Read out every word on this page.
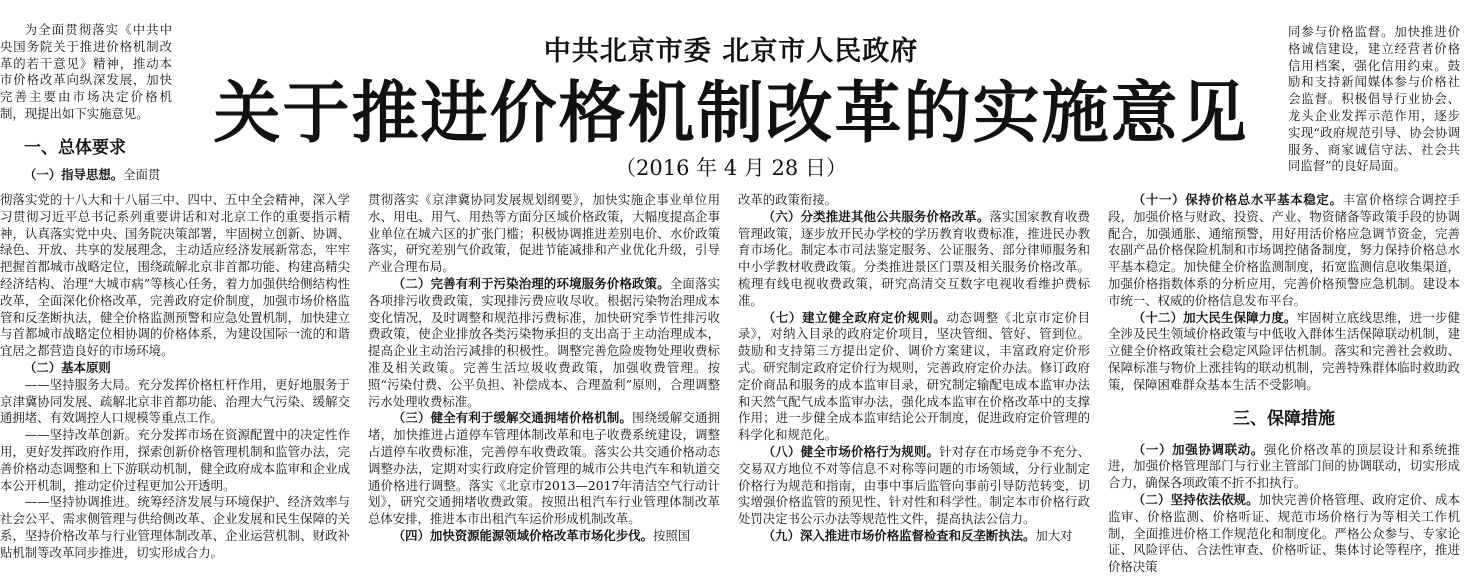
中共北京市委 北京市人民政府
关于推进价格机制改革的实施意见
（2016 年 4 月 28 日）

为全面贯彻落实《中共中央国务院关于推进价格机制改革的若干意见》精神，推动本市价格改革向纵深发展，加快完善主要由市场决定价格机制，现提出如下实施意见。

一、总体要求

（一）指导思想。全面贯

彻落实党的十八大和十八届三中、四中、五中全会精神，深入学习贯彻习近平总书记系列重要讲话和对北京工作的重要指示精神，认真落实党中央、国务院决策部署，牢固树立创新、协调、绿色、开放、共享的发展理念，主动适应经济发展新常态，牢牢把握首都城市战略定位，围绕疏解北京非首都功能、构建高精尖经济结构、治理“大城市病”等核心任务，着力加强供给侧结构性改革，全面深化价格改革，完善政府定价制度，加强市场价格监管和反垄断执法，健全价格监测预警和应急处置机制，加快建立与首都城市战略定位相协调的价格体系，为建设国际一流的和谐宜居之都营造良好的市场环境。

（二）基本原则

——坚持服务大局。充分发挥价格杠杆作用，更好地服务于京津冀协同发展、疏解北京非首都功能、治理大气污染、缓解交通拥堵、有效调控人口规模等重点工作。

——坚持改革创新。充分发挥市场在资源配置中的决定性作用，更好发挥政府作用，探索创新价格管理机制和监管办法，完善价格动态调整和上下游联动机制，健全政府成本监审和企业成本公开机制，推动定价过程更加公开透明。

——坚持协调推进。统筹经济发展与环境保护、经济效率与社会公平、需求侧管理与供给侧改革、企业发展和民生保障的关系，坚持价格改革与行业管理体制改革、企业运营机制、财政补贴机制等改革同步推进，切实形成合力。

贯彻落实《京津冀协同发展规划纲要》，加快实施企事业单位用水、用电、用气、用热等方面分区域价格政策，大幅度提高企事业单位在城六区的扩张门槛；积极协调推进差别电价、水价政策落实，研究差别气价政策，促进节能减排和产业优化升级，引导产业合理布局。

（二）完善有利于污染治理的环境服务价格政策。全面落实各项排污收费政策，实现排污费应收尽收。根据污染物治理成本变化情况，及时调整和规范排污费标准，加快研究季节性排污收费政策，使企业排放各类污染物承担的支出高于主动治理成本，提高企业主动治污减排的积极性。调整完善危险废物处理收费标准及相关政策。完善生活垃圾收费政策，加强收费管理。按照“污染付费、公平负担、补偿成本、合理盈利”原则，合理调整污水处理收费标准。

（三）健全有利于缓解交通拥堵价格机制。围绕缓解交通拥堵，加快推进占道停车管理体制改革和电子收费系统建设，调整占道停车收费标准，完善停车收费政策。落实公共交通价格动态调整办法，定期对实行政府定价管理的城市公共电汽车和轨道交通价格进行调整。落实《北京市2013—2017年清洁空气行动计划》，研究交通拥堵收费政策。按照出租汽车行业管理体制改革总体安排，推进本市出租汽车运价形成机制改革。

（四）加快资源能源领域价格改革市场化步伐。按照国

改革的政策衔接。

（六）分类推进其他公共服务价格改革。落实国家教育收费管理政策，逐步放开民办学校的学历教育收费标准，推进民办教育市场化。制定本市司法鉴定服务、公证服务、部分律师服务和中小学教材收费政策。分类推进景区门票及相关服务价格改革。梳理有线电视收费政策，研究高清交互数字电视收看维护费标准。

（七）建立健全政府定价规则。动态调整《北京市定价目录》，对纳入目录的政府定价项目，坚决管细、管好、管到位。鼓励和支持第三方提出定价、调价方案建议，丰富政府定价形式。研究制定政府定价行为规则，完善政府定价办法。修订政府定价商品和服务的成本监审目录，研究制定输配电成本监审办法和天然气配气成本监审办法，强化成本监审在价格改革中的支撑作用；进一步健全成本监审结论公开制度，促进政府定价管理的科学化和规范化。

（八）健全市场价格行为规则。针对存在市场竞争不充分、交易双方地位不对等信息不对称等问题的市场领域，分行业制定价格行为规范和指南，由事中事后监管向事前引导防范转变，切实增强价格监管的预见性、针对性和科学性。制定本市价格行政处罚决定书公示办法等规范性文件，提高执法公信力。

（九）深入推进市场价格监督检查和反垄断执法。加大对

同参与价格监督。加快推进价格诚信建设，建立经营者价格信用档案，强化信用约束。鼓励和支持新闻媒体参与价格社会监督。积极倡导行业协会、龙头企业发挥示范作用，逐步实现“政府规范引导、协会协调服务、商家诚信守法、社会共同监督”的良好局面。

（十一）保持价格总水平基本稳定。丰富价格综合调控手段，加强价格与财政、投资、产业、物资储备等政策手段的协调配合，加强通胀、通缩预警，用好用活价格应急调节资金，完善农副产品价格保险机制和市场调控储备制度，努力保持价格总水平基本稳定。加快健全价格监测制度，拓宽监测信息收集渠道，加强价格指数体系的分析应用，完善价格预警应急机制。建设本市统一、权威的价格信息发布平台。

（十二）加大民生保障力度。牢固树立底线思维，进一步健全涉及民生领域价格政策与中低收入群体生活保障联动机制，建立健全价格政策社会稳定风险评估机制。落实和完善社会救助、保障标准与物价上涨挂钩的联动机制，完善特殊群体临时救助政策，保障困难群众基本生活不受影响。

三、保障措施

（一）加强协调联动。强化价格改革的顶层设计和系统推进，加强价格管理部门与行业主管部门间的协调联动，切实形成合力，确保各项政策不折不扣执行。

（二）坚持依法依规。加快完善价格管理、政府定价、成本监审、价格监测、价格听证、规范市场价格行为等相关工作机制，全面推进价格工作规范化和制度化。严格公众参与、专家论证、风险评估、合法性审查、价格听证、集体讨论等程序，推进价格决策
